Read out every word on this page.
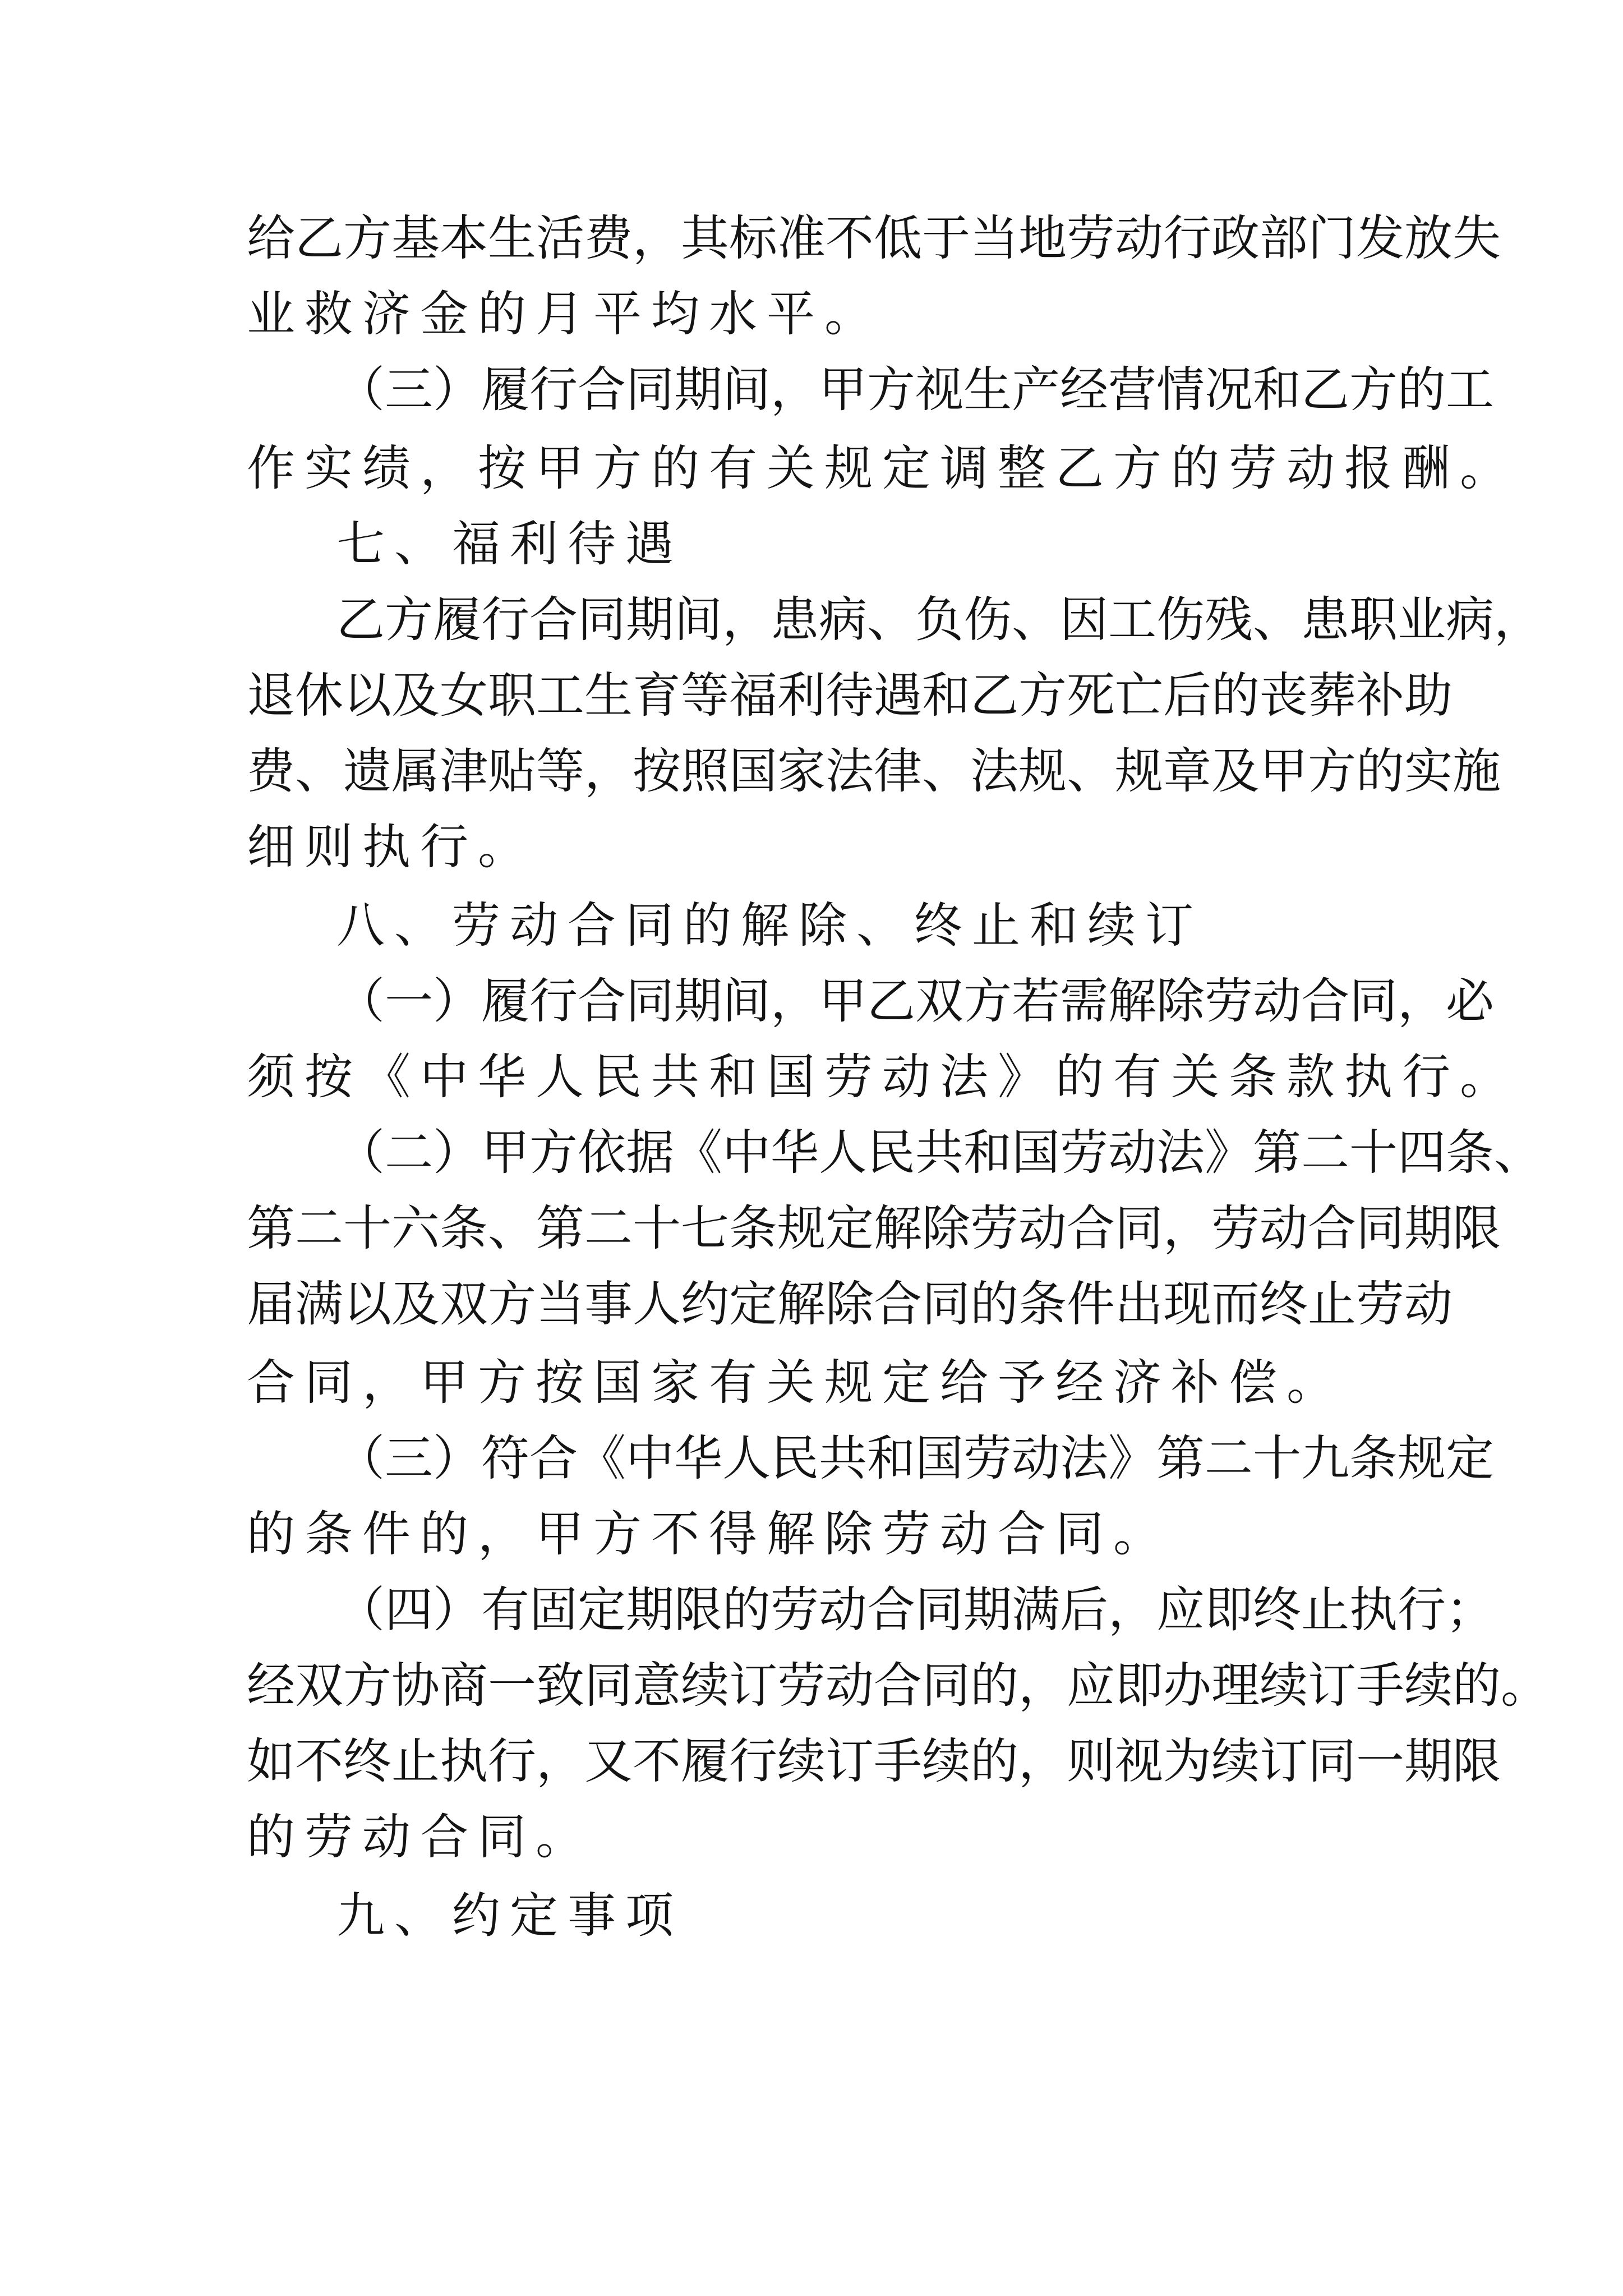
给乙方基本生活费，其标准不低于当地劳动行政部门发放失

业救济金的月平均水平。

（三）履行合同期间，甲方视生产经营情况和乙方的工

作实绩，按甲方的有关规定调整乙方的劳动报酬。

七、福利待遇

乙方履行合同期间，患病、负伤、因工伤残、患职业病，

退休以及女职工生育等福利待遇和乙方死亡后的丧葬补助

费、遗属津贴等，按照国家法律、法规、规章及甲方的实施

细则执行。

八、劳动合同的解除、终止和续订

（一）履行合同期间，甲乙双方若需解除劳动合同，必

须按《中华人民共和国劳动法》的有关条款执行。

（二）甲方依据《中华人民共和国劳动法》第二十四条、

第二十六条、第二十七条规定解除劳动合同，劳动合同期限

届满以及双方当事人约定解除合同的条件出现而终止劳动

合同，甲方按国家有关规定给予经济补偿。

（三）符合《中华人民共和国劳动法》第二十九条规定

的条件的，甲方不得解除劳动合同。

（四）有固定期限的劳动合同期满后，应即终止执行；

经双方协商一致同意续订劳动合同的，应即办理续订手续的。

如不终止执行，又不履行续订手续的，则视为续订同一期限

的劳动合同。

九、约定事项
